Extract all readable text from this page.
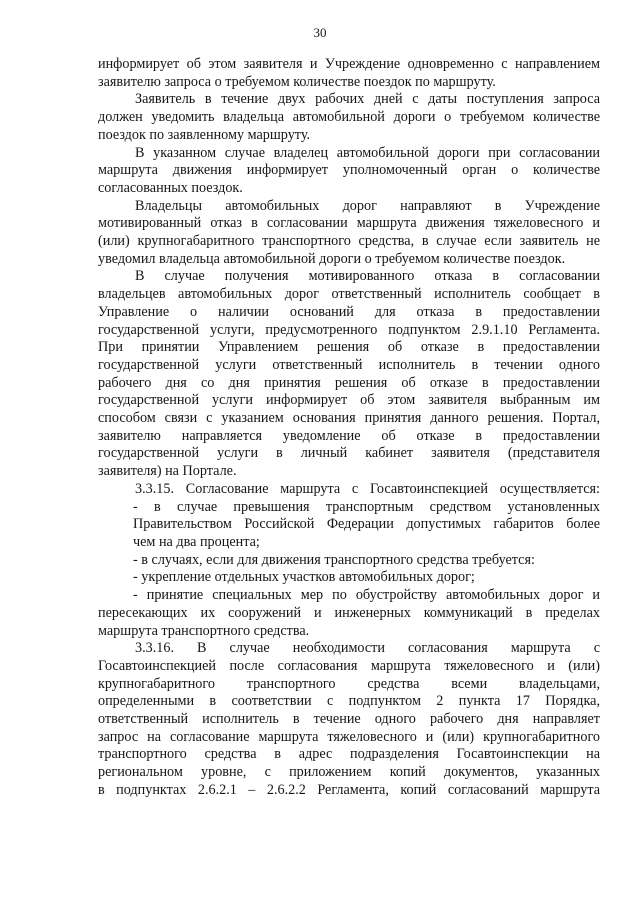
30
информирует об этом заявителя и Учреждение одновременно с направлением
заявителю запроса о требуемом количестве поездок по маршруту.
Заявитель в течение двух рабочих дней с даты поступления запроса
должен уведомить владельца автомобильной дороги о требуемом количестве
поездок по заявленному маршруту.
В указанном случае владелец автомобильной дороги при согласовании
маршрута движения информирует уполномоченный орган о количестве
согласованных поездок.
Владельцы автомобильных дорог направляют в Учреждение
мотивированный отказ в согласовании маршрута движения тяжеловесного и
(или) крупногабаритного транспортного средства, в случае если заявитель не
уведомил владельца автомобильной дороги о требуемом количестве поездок.
В случае получения мотивированного отказа в согласовании
владельцев автомобильных дорог ответственный исполнитель сообщает в
Управление о наличии оснований для отказа в предоставлении
государственной услуги, предусмотренного подпунктом 2.9.1.10 Регламента.
При принятии Управлением решения об отказе в предоставлении
государственной услуги ответственный исполнитель в течении одного
рабочего дня со дня принятия решения об отказе в предоставлении
государственной услуги информирует об этом заявителя выбранным им
способом связи с указанием основания принятия данного решения. Портал,
заявителю направляется уведомление об отказе в предоставлении
государственной услуги в личный кабинет заявителя (представителя
заявителя) на Портале.
3.3.15. Согласование маршрута с Госавтоинспекцией осуществляется:
- в случае превышения транспортным средством установленных
Правительством Российской Федерации допустимых габаритов более
чем на два процента;
- в случаях, если для движения транспортного средства требуется:
- укрепление отдельных участков автомобильных дорог;
- принятие специальных мер по обустройству автомобильных дорог и
пересекающих их сооружений и инженерных коммуникаций в пределах
маршрута транспортного средства.
3.3.16. В случае необходимости согласования маршрута с
Госавтоинспекцией после согласования маршрута тяжеловесного и (или)
крупногабаритного транспортного средства всеми владельцами,
определенными в соответствии с подпунктом 2 пункта 17 Порядка,
ответственный исполнитель в течение одного рабочего дня направляет
запрос на согласование маршрута тяжеловесного и (или) крупногабаритного
транспортного средства в адрес подразделения Госавтоинспекции на
региональном уровне, с приложением копий документов, указанных
в подпунктах 2.6.2.1 – 2.6.2.2 Регламента, копий согласований маршрута
